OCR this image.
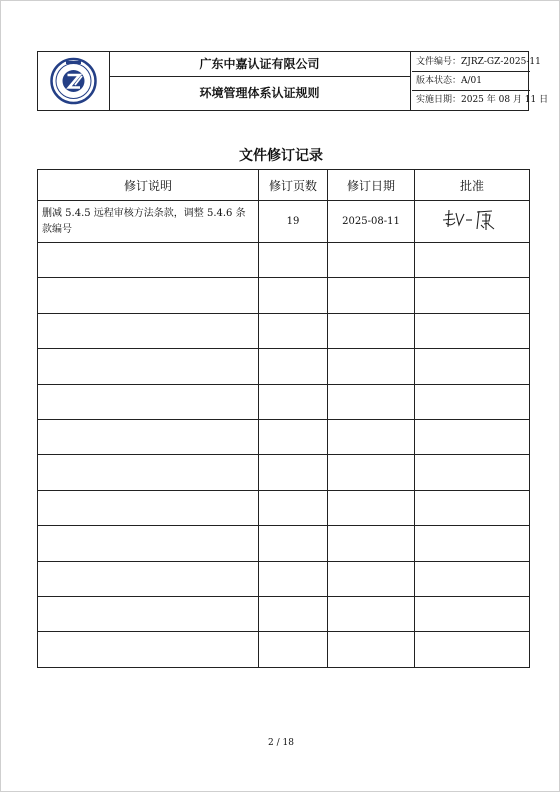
广东中嘉认证有限公司
环境管理体系认证规则
文件编号：ZJRZ-GZ-2025-11
版本状态：A/01
实施日期：2025 年 08 月 11 日
文件修订记录
修订说明	修订页数	修订日期	批准
删减 5.4.5 远程审核方法条款，调整 5.4.6 条款编号	19	2025-08-11	

2 / 18
